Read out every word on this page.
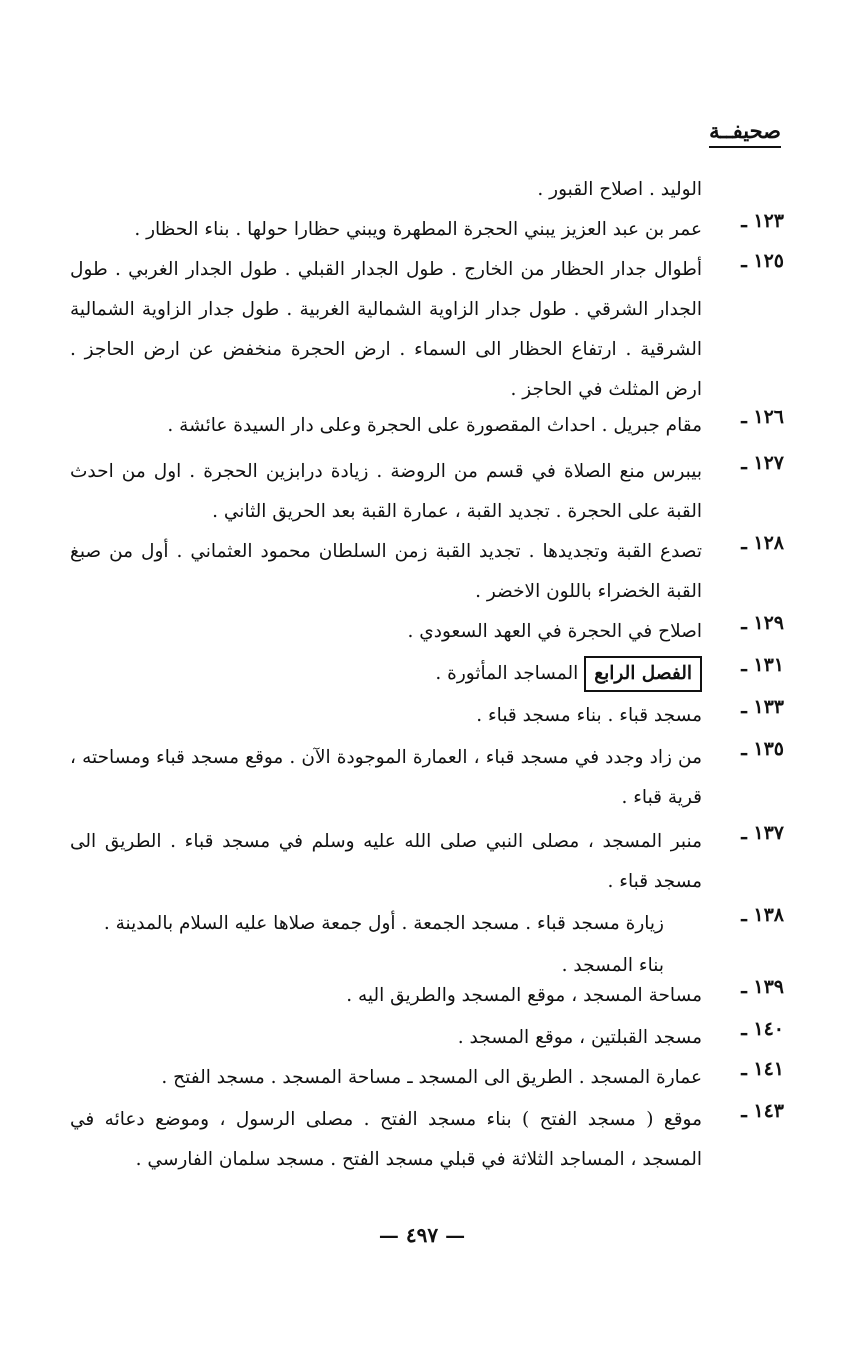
صحيفــة
الوليد . اصلاح القبور .
١٢٣ ـ
عمر بن عبد العزيز يبني الحجرة المطهرة ويبني حظارا حولها . بناء الحظار .
١٢٥ ـ
أطوال جدار الحظار من الخارج . طول الجدار القبلي . طول الجدار الغربي . طول
الجدار الشرقي . طول جدار الزاوية الشمالية الغربية . طول جدار الزاوية الشمالية
الشرقية . ارتفاع الحظار الى السماء . ارض الحجرة منخفض عن ارض الحاجز .
ارض المثلث في الحاجز .
١٢٦ ـ
مقام جبريل . احداث المقصورة على الحجرة وعلى دار السيدة عائشة .
١٢٧ ـ
بيبرس منع الصلاة في قسم من الروضة . زيادة درابزين الحجرة . اول من احدث
القبة على الحجرة . تجديد القبة ، عمارة القبة بعد الحريق الثاني .
١٢٨ ـ
تصدع القبة وتجديدها . تجديد القبة زمن السلطان محمود العثماني . أول من صبغ
القبة الخضراء باللون الاخضر .
١٢٩ ـ
اصلاح في الحجرة في العهد السعودي .
١٣١ ـ
الفصل الرابعالمساجد المأثورة .
١٣٣ ـ
مسجد قباء . بناء مسجد قباء .
١٣٥ ـ
من زاد وجدد في مسجد قباء ، العمارة الموجودة الآن . موقع مسجد قباء ومساحته ،
قرية قباء .
١٣٧ ـ
منبر المسجد ، مصلى النبي صلى الله عليه وسلم في مسجد قباء . الطريق الى
مسجد قباء .
١٣٨ ـ
زيارة مسجد قباء . مسجد الجمعة . أول جمعة صلاها عليه السلام بالمدينة .
بناء المسجد .
١٣٩ ـ
مساحة المسجد ، موقع المسجد والطريق اليه .
١٤٠ ـ
مسجد القبلتين ، موقع المسجد .
١٤١ ـ
عمارة المسجد . الطريق الى المسجد ـ مساحة المسجد . مسجد الفتح .
١٤٣ ـ
موقع ( مسجد الفتح ) بناء مسجد الفتح . مصلى الرسول ، وموضع دعائه في
المسجد ، المساجد الثلاثة في قبلي مسجد الفتح . مسجد سلمان الفارسي .
— ٤٩٧ —
